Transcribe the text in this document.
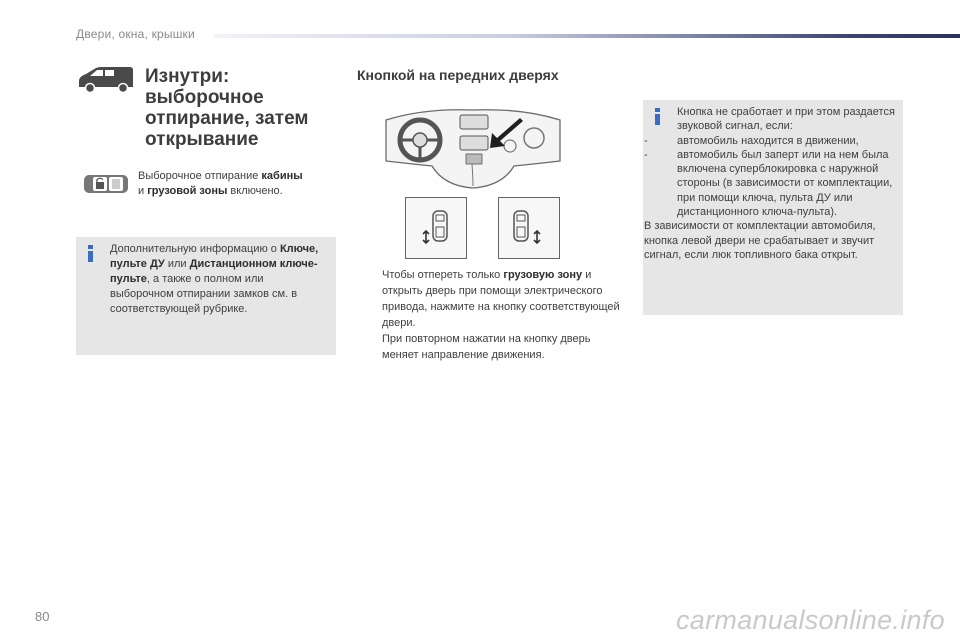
Двери, окна, крышки
Изнутри: выборочное отпирание, затем открывание
Выборочное отпирание кабины
и грузовой зоны включено.
Дополнительную информацию о Ключе, пульте ДУ или Дистанционном ключе-пульте, а также о полном или выборочном отпирании замков см. в соответствующей рубрике.
Кнопкой на передних дверях
Чтобы отпереть только грузовую зону и открыть дверь при помощи электрического привода, нажмите на кнопку соответствующей двери.
При повторном нажатии на кнопку дверь меняет направление движения.
Кнопка не сработает и при этом раздается звуковой сигнал, если:
-	автомобиль находится в движении,
-	автомобиль был заперт или на нем была включена суперблокировка с наружной стороны (в зависимости от комплектации, при помощи ключа, пульта ДУ или дистанционного ключа-пульта).
В зависимости от комплектации автомобиля, кнопка левой двери не срабатывает и звучит сигнал, если люк топливного бака открыт.
80	carmanualsonline.info
